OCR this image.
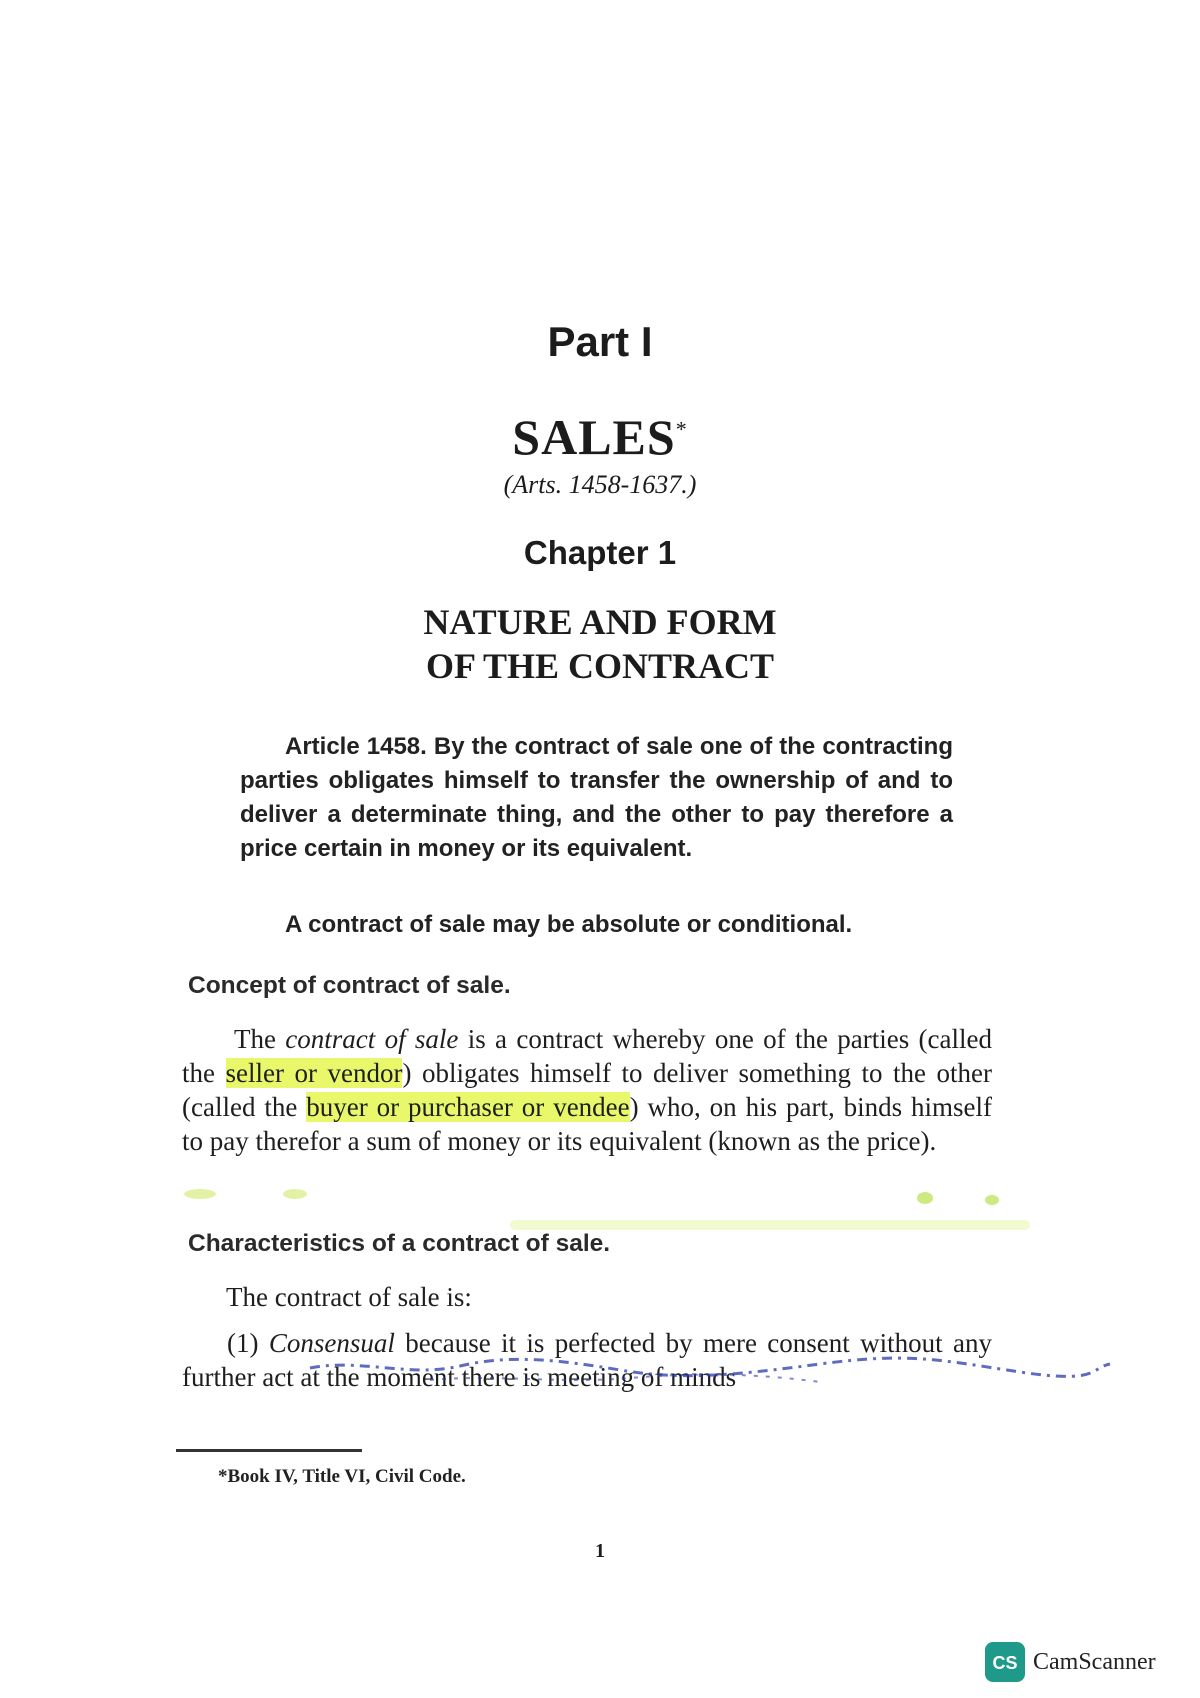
Part I
SALES*
(Arts. 1458-1637.)
Chapter 1
NATURE AND FORM
OF THE CONTRACT

Article 1458. By the contract of sale one of the contracting parties obligates himself to transfer the ownership of and to deliver a determinate thing, and the other to pay therefore a price certain in money or its equivalent.

A contract of sale may be absolute or conditional.

Concept of contract of sale.

The contract of sale is a contract whereby one of the parties (called the seller or vendor) obligates himself to deliver something to the other (called the buyer or purchaser or vendee) who, on his part, binds himself to pay therefor a sum of money or its equivalent (known as the price).

Characteristics of a contract of sale.

The contract of sale is:

(1) Consensual because it is perfected by mere consent without any further act at the moment there is meeting of minds

*Book IV, Title VI, Civil Code.
1
CS CamScanner
